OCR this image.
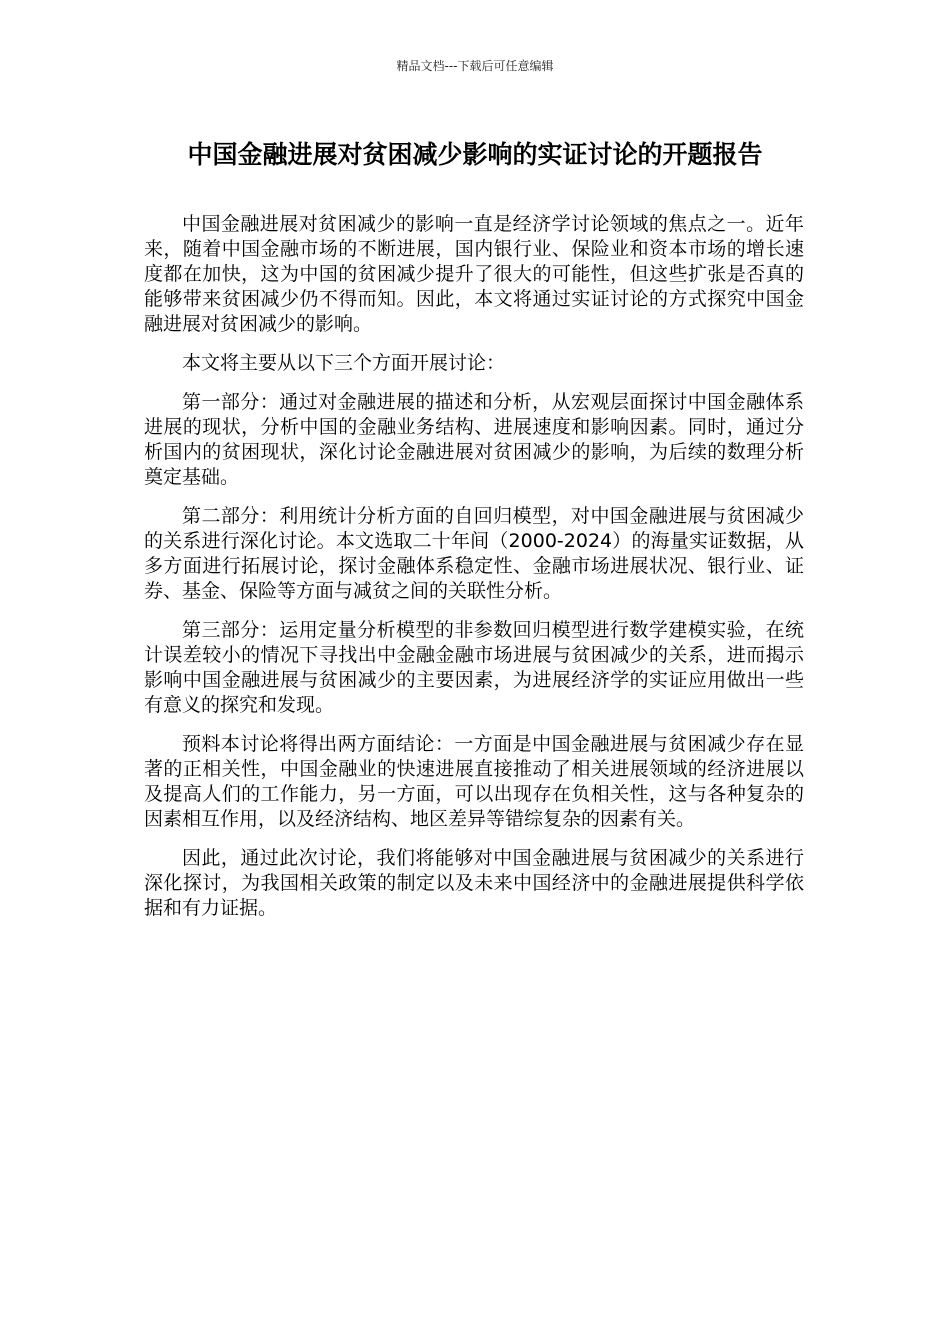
精品文档---下载后可任意编辑
中国金融进展对贫困减少影响的实证讨论的开题报告

中国金融进展对贫困减少的影响一直是经济学讨论领域的焦点之一。近年来，随着中国金融市场的不断进展，国内银行业、保险业和资本市场的增长速度都在加快，这为中国的贫困减少提升了很大的可能性，但这些扩张是否真的能够带来贫困减少仍不得而知。因此，本文将通过实证讨论的方式探究中国金融进展对贫困减少的影响。

本文将主要从以下三个方面开展讨论：

第一部分：通过对金融进展的描述和分析，从宏观层面探讨中国金融体系进展的现状，分析中国的金融业务结构、进展速度和影响因素。同时，通过分析国内的贫困现状，深化讨论金融进展对贫困减少的影响，为后续的数理分析奠定基础。

第二部分：利用统计分析方面的自回归模型，对中国金融进展与贫困减少的关系进行深化讨论。本文选取二十年间（2000-2024）的海量实证数据，从多方面进行拓展讨论，探讨金融体系稳定性、金融市场进展状况、银行业、证券、基金、保险等方面与减贫之间的关联性分析。

第三部分：运用定量分析模型的非参数回归模型进行数学建模实验，在统计误差较小的情况下寻找出中金融金融市场进展与贫困减少的关系，进而揭示影响中国金融进展与贫困减少的主要因素，为进展经济学的实证应用做出一些有意义的探究和发现。

预料本讨论将得出两方面结论：一方面是中国金融进展与贫困减少存在显著的正相关性，中国金融业的快速进展直接推动了相关进展领域的经济进展以及提高人们的工作能力，另一方面，可以出现存在负相关性，这与各种复杂的因素相互作用，以及经济结构、地区差异等错综复杂的因素有关。

因此，通过此次讨论，我们将能够对中国金融进展与贫困减少的关系进行深化探讨，为我国相关政策的制定以及未来中国经济中的金融进展提供科学依据和有力证据。
